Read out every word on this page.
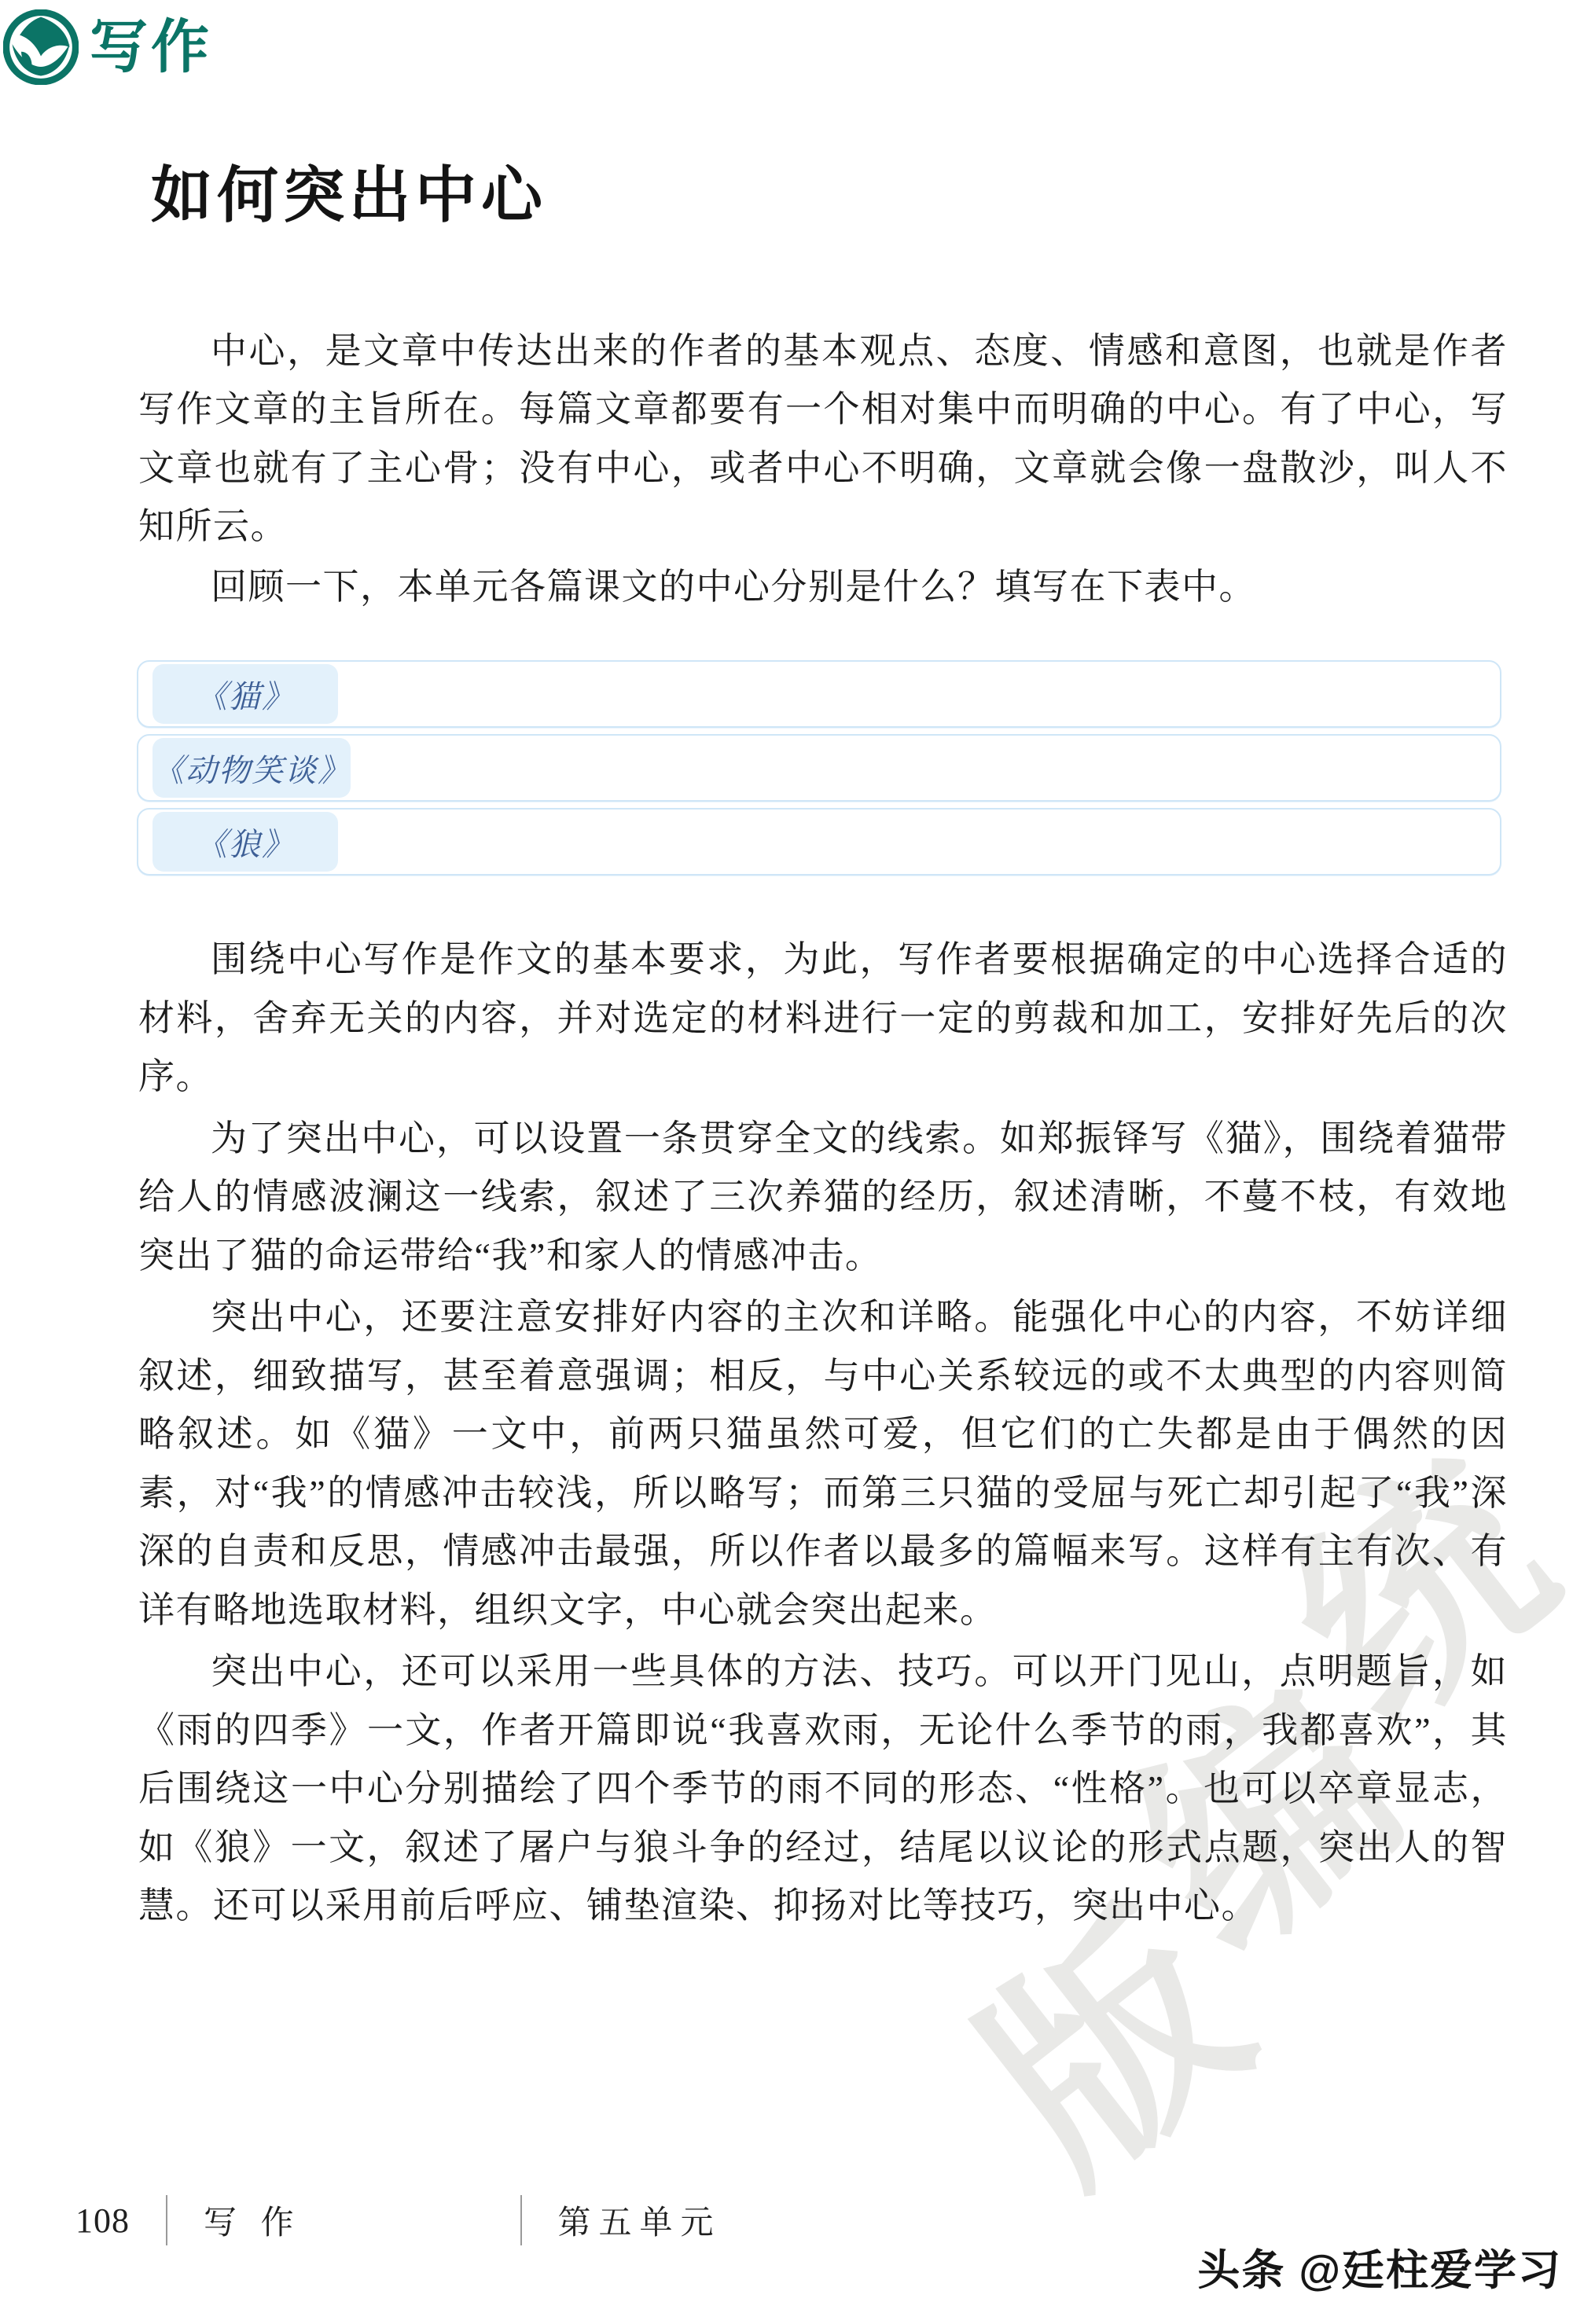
统
编
版
写作
如何突出中心

中心，是文章中传达出来的作者的基本观点、态度、情感和意图，也就是作者写作文章的主旨所在。每篇文章都要有一个相对集中而明确的中心。有了中心，写文章也就有了主心骨；没有中心，或者中心不明确，文章就会像一盘散沙，叫人不知所云。

回顾一下，本单元各篇课文的中心分别是什么？填写在下表中。

《猫》
《动物笑谈》
《狼》

围绕中心写作是作文的基本要求，为此，写作者要根据确定的中心选择合适的材料，舍弃无关的内容，并对选定的材料进行一定的剪裁和加工，安排好先后的次序。

为了突出中心，可以设置一条贯穿全文的线索。如郑振铎写《猫》，围绕着猫带给人的情感波澜这一线索，叙述了三次养猫的经历，叙述清晰，不蔓不枝，有效地突出了猫的命运带给“我”和家人的情感冲击。

突出中心，还要注意安排好内容的主次和详略。能强化中心的内容，不妨详细叙述，细致描写，甚至着意强调；相反，与中心关系较远的或不太典型的内容则简略叙述。如《猫》一文中，前两只猫虽然可爱，但它们的亡失都是由于偶然的因素，对“我”的情感冲击较浅，所以略写；而第三只猫的受屈与死亡却引起了“我”深深的自责和反思，情感冲击最强，所以作者以最多的篇幅来写。这样有主有次、有详有略地选取材料，组织文字，中心就会突出起来。

突出中心，还可以采用一些具体的方法、技巧。可以开门见山，点明题旨，如《雨的四季》一文，作者开篇即说“我喜欢雨，无论什么季节的雨，我都喜欢”，其后围绕这一中心分别描绘了四个季节的雨不同的形态、“性格”。也可以卒章显志，如《狼》一文，叙述了屠户与狼斗争的经过，结尾以议论的形式点题，突出人的智慧。还可以采用前后呼应、铺垫渲染、抑扬对比等技巧，突出中心。

108 写 作	第五单元
头条 @廷柱爱学习
